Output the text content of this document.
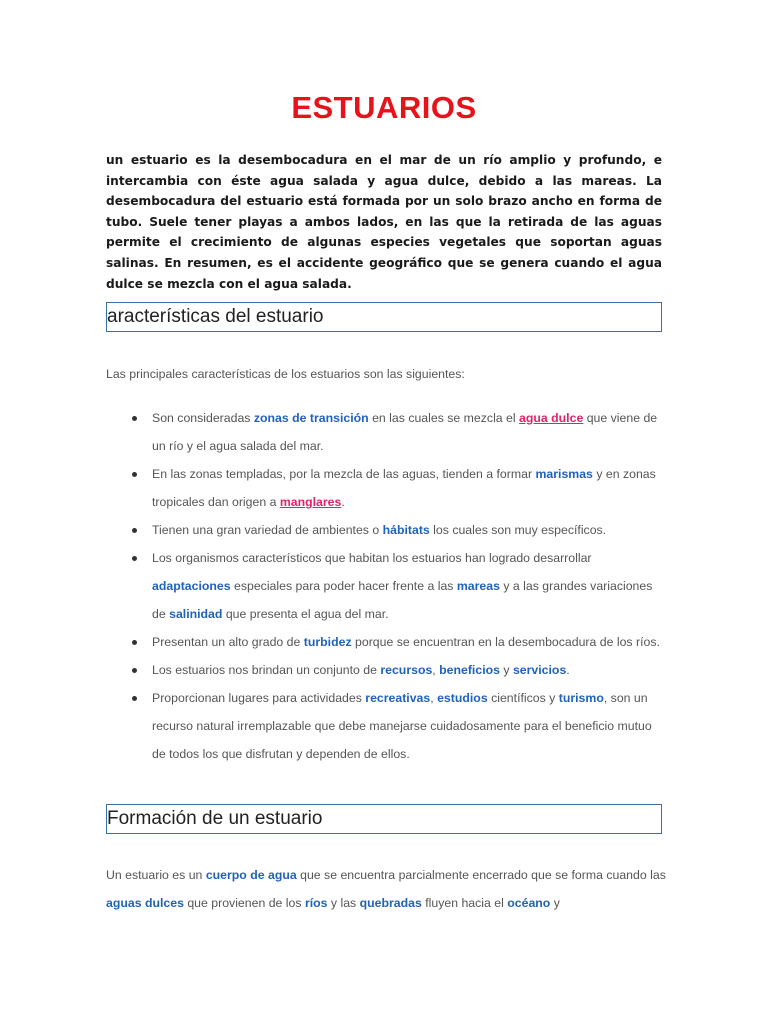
ESTUARIOS
un estuario es la desembocadura en el mar de un río amplio y profundo, e intercambia con éste agua salada y agua dulce, debido a las mareas. La desembocadura del estuario está formada por un solo brazo ancho en forma de tubo. Suele tener playas a ambos lados, en las que la retirada de las aguas permite el crecimiento de algunas especies vegetales que soportan aguas salinas. En resumen, es el accidente geográfico que se genera cuando el agua dulce se mezcla con el agua salada.
aracterísticas del estuario
Las principales características de los estuarios son las siguientes:
Son consideradas zonas de transición en las cuales se mezcla el agua dulce que viene de un río y el agua salada del mar.
En las zonas templadas, por la mezcla de las aguas, tienden a formar marismas y en zonas tropicales dan origen a manglares.
Tienen una gran variedad de ambientes o hábitats los cuales son muy específicos.
Los organismos característicos que habitan los estuarios han logrado desarrollar adaptaciones especiales para poder hacer frente a las mareas y a las grandes variaciones de salinidad que presenta el agua del mar.
Presentan un alto grado de turbidez porque se encuentran en la desembocadura de los ríos.
Los estuarios nos brindan un conjunto de recursos, beneficios y servicios.
Proporcionan lugares para actividades recreativas, estudios científicos y turismo, son un recurso natural irremplazable que debe manejarse cuidadosamente para el beneficio mutuo de todos los que disfrutan y dependen de ellos.
Formación de un estuario
Un estuario es un cuerpo de agua que se encuentra parcialmente encerrado que se forma cuando las aguas dulces que provienen de los ríos y las quebradas fluyen hacia el océano y
